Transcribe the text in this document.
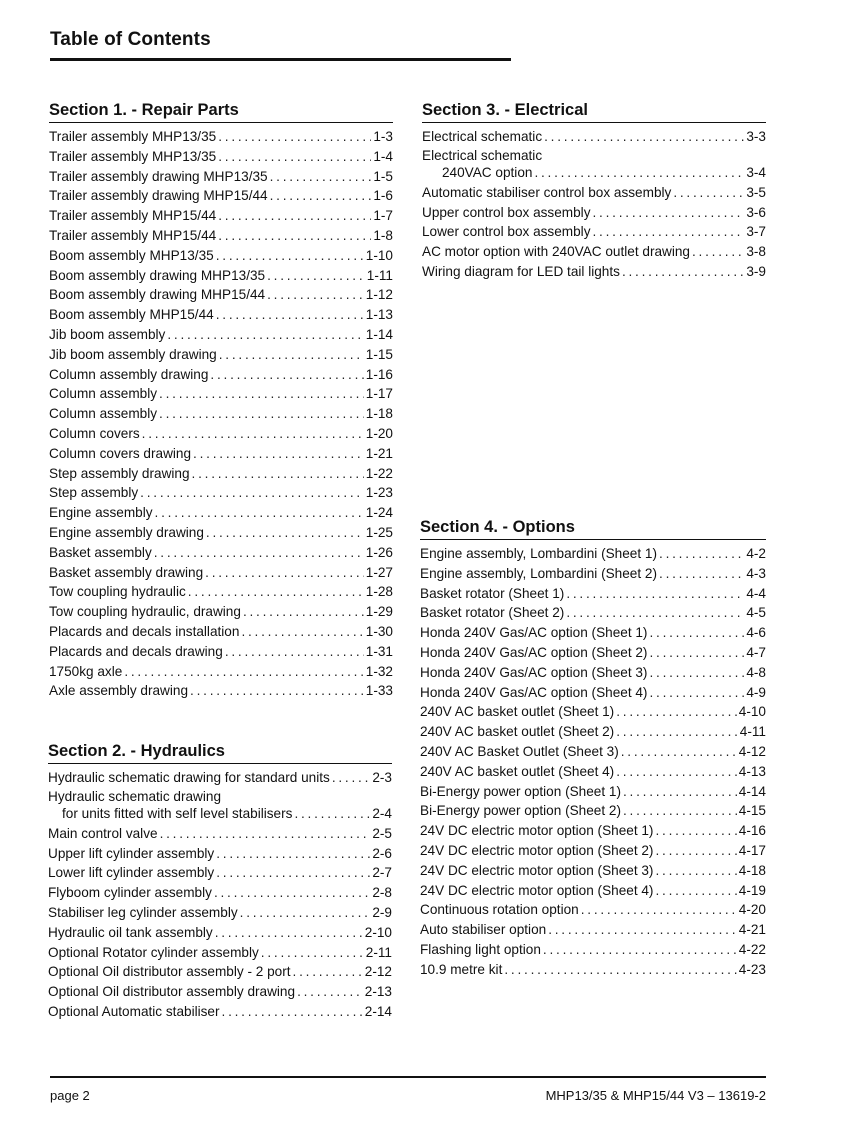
Table of Contents
Section 1. - Repair Parts
Trailer assembly MHP13/35 . . .	1-3
Trailer assembly MHP13/35 . . .	1-4
Trailer assembly drawing MHP13/35 . . .	1-5
Trailer assembly drawing MHP15/44 . . .	1-6
Trailer assembly MHP15/44 . . .	1-7
Trailer assembly MHP15/44 . . .	1-8
Boom assembly MHP13/35 . . .	1-10
Boom assembly drawing MHP13/35 . . .	1-11
Boom assembly drawing MHP15/44 . . .	1-12
Boom assembly MHP15/44 . . .	1-13
Jib boom assembly . . .	1-14
Jib boom assembly drawing . . .	1-15
Column assembly drawing . . .	1-16
Column assembly . . .	1-17
Column assembly . . .	1-18
Column covers . . .	1-20
Column covers drawing . . .	1-21
Step assembly drawing . . .	1-22
Step assembly . . .	1-23
Engine assembly . . .	1-24
Engine assembly drawing . . .	1-25
Basket assembly . . .	1-26
Basket assembly drawing . . .	1-27
Tow coupling hydraulic . . .	1-28
Tow coupling hydraulic, drawing . . .	1-29
Placards and decals installation . . .	1-30
Placards and decals drawing . . .	1-31
1750kg axle . . .	1-32
Axle assembly drawing . . .	1-33
Section 2. - Hydraulics
Hydraulic schematic drawing for standard units . . .	2-3
Hydraulic schematic drawing
for units fitted with self level stabilisers . . .	2-4
Main control valve . . .	2-5
Upper lift cylinder assembly . . .	2-6
Lower lift cylinder assembly . . .	2-7
Flyboom cylinder assembly . . .	2-8
Stabiliser leg cylinder assembly . . .	2-9
Hydraulic oil tank assembly . . .	2-10
Optional Rotator cylinder assembly . . .	2-11
Optional Oil distributor assembly - 2 port . . .	2-12
Optional Oil distributor assembly drawing . . .	2-13
Optional Automatic stabiliser . . .	2-14
Section 3. - Electrical
Electrical schematic . . .	3-3
Electrical schematic
240VAC option . . .	3-4
Automatic stabiliser control box assembly . . .	3-5
Upper control box assembly . . .	3-6
Lower control box assembly . . .	3-7
AC motor option with 240VAC outlet drawing . . .	3-8
Wiring diagram for LED tail lights . . .	3-9
Section 4. - Options
Engine assembly, Lombardini (Sheet 1) . . .	4-2
Engine assembly, Lombardini (Sheet 2) . . .	4-3
Basket rotator (Sheet 1) . . .	4-4
Basket rotator (Sheet 2) . . .	4-5
Honda 240V Gas/AC option (Sheet 1) . . .	4-6
Honda 240V Gas/AC option (Sheet 2) . . .	4-7
Honda 240V Gas/AC option (Sheet 3) . . .	4-8
Honda 240V Gas/AC option (Sheet 4) . . .	4-9
240V AC basket outlet (Sheet 1) . . .	4-10
240V AC basket outlet (Sheet 2) . . .	4-11
240V AC Basket Outlet (Sheet 3) . . .	4-12
240V AC basket outlet (Sheet 4) . . .	4-13
Bi-Energy power option (Sheet 1) . . .	4-14
Bi-Energy power option (Sheet 2) . . .	4-15
24V DC electric motor option (Sheet 1) . . .	4-16
24V DC electric motor option (Sheet 2) . . .	4-17
24V DC electric motor option (Sheet 3) . . .	4-18
24V DC electric motor option (Sheet 4) . . .	4-19
Continuous rotation option . . .	4-20
Auto stabiliser option . . .	4-21
Flashing light option . . .	4-22
10.9 metre kit . . .	4-23
page 2	MHP13/35 & MHP15/44 V3 – 13619-2
